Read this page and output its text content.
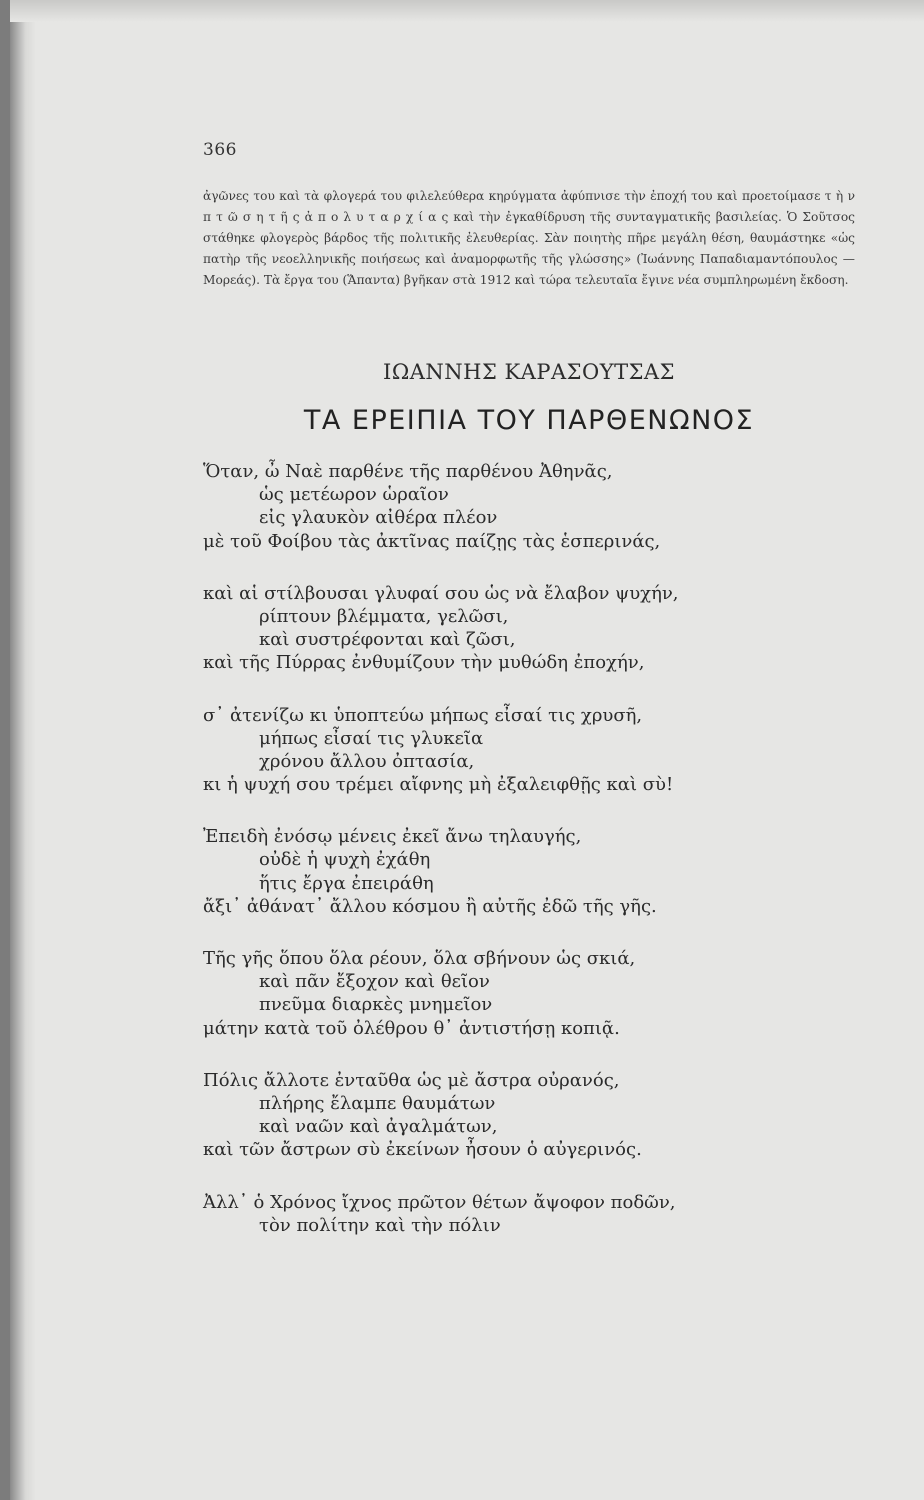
366

ἀγῶνες του καὶ τὰ φλογερά του φιλελεύθερα κηρύγματα ἀφύπνισε τὴν ἐποχή του καὶ προετοίμασε τ ὴ ν π τ ῶ σ η τ ῆ ς ἀ π ο λ υ τ α ρ χ ί α ς καὶ τὴν ἐγκαθίδρυση τῆς συνταγματικῆς βασιλείας. Ὁ Σοῦτσος στάθηκε φλογερὸς βάρδος τῆς πολιτικῆς ἐλευθερίας. Σὰν ποιητὴς πῆρε μεγάλη θέση, θαυμάστηκε «ὡς πατὴρ τῆς νεοελληνικῆς ποιήσεως καὶ ἀναμορφωτῆς τῆς γλώσσης» (Ἰωάννης Παπαδιαμαντόπουλος — Μορεάς). Τὰ ἔργα του (Ἅπαντα) βγῆκαν στὰ 1912 καὶ τώρα τελευταῖα ἔγινε νέα συμπληρωμένη ἔκδοση.

ΙΩΑΝΝΗΣ ΚΑΡΑΣΟΥΤΣΑΣ
ΤΑ ΕΡΕΙΠΙΑ ΤΟΥ ΠΑΡΘΕΝΩΝΟΣ
Ὅταν, ὦ Ναὲ παρθένε τῆς παρθένου Ἀθηνᾶς,
ὡς μετέωρον ὡραῖον
εἰς γλαυκὸν αἰθέρα πλέον
μὲ τοῦ Φοίβου τὰς ἀκτῖνας παίζῃς τὰς ἑσπερινάς,
καὶ αἱ στίλβουσαι γλυφαί σου ὡς νὰ ἔλαβον ψυχήν,
ρίπτουν βλέμματα, γελῶσι,
καὶ συστρέφονται καὶ ζῶσι,
καὶ τῆς Πύρρας ἐνθυμίζουν τὴν μυθώδη ἐποχήν,
σ᾽ ἀτενίζω κι ὑποπτεύω μήπως εἶσαί τις χρυσῆ,
μήπως εἶσαί τις γλυκεῖα
χρόνου ἄλλου ὀπτασία,
κι ἡ ψυχή σου τρέμει αἴφνης μὴ ἐξαλειφθῇς καὶ σὺ!
Ἐπειδὴ ἐνόσῳ μένεις ἐκεῖ ἄνω τηλαυγής,
οὐδὲ ἡ ψυχὴ ἐχάθη
ἥτις ἔργα ἐπειράθη
ἄξι᾽ ἀθάνατ᾽ ἄλλου κόσμου ἢ αὐτῆς ἐδῶ τῆς γῆς.
Τῆς γῆς ὅπου ὅλα ρέουν, ὅλα σβήνουν ὡς σκιά,
καὶ πᾶν ἔξοχον καὶ θεῖον
πνεῦμα διαρκὲς μνημεῖον
μάτην κατὰ τοῦ ὀλέθρου θ᾽ ἀντιστήσῃ κοπιᾷ.
Πόλις ἄλλοτε ἐνταῦθα ὡς μὲ ἄστρα οὐρανός,
πλήρης ἔλαμπε θαυμάτων
καὶ ναῶν καὶ ἀγαλμάτων,
καὶ τῶν ἄστρων σὺ ἐκείνων ἦσουν ὁ αὐγερινός.
Ἀλλ᾽ ὁ Χρόνος ἴχνος πρῶτον θέτων ἄψοφον ποδῶν,
τὸν πολίτην καὶ τὴν πόλιν
